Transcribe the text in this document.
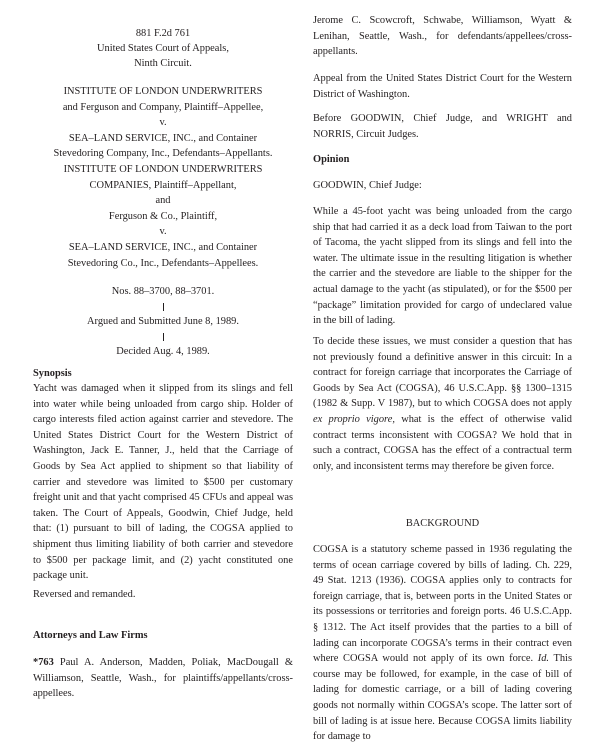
881 F.2d 761

United States Court of Appeals,

Ninth Circuit.

INSTITUTE OF LONDON UNDERWRITERS
and Ferguson and Company, Plaintiff–Appellee,
v.
SEA–LAND SERVICE, INC., and Container
Stevedoring Company, Inc., Defendants–Appellants.
INSTITUTE OF LONDON UNDERWRITERS
COMPANIES, Plaintiff–Appellant,
and
Ferguson & Co., Plaintiff,
v.
SEA–LAND SERVICE, INC., and Container
Stevedoring Co., Inc., Defendants–Appellees.

Nos. 88–3700, 88–3701.

Argued and Submitted June 8, 1989.

Decided Aug. 4, 1989.

Synopsis

Yacht was damaged when it slipped from its slings and fell into water while being unloaded from cargo ship. Holder of cargo interests filed action against carrier and stevedore. The United States District Court for the Western District of Washington, Jack E. Tanner, J., held that the Carriage of Goods by Sea Act applied to shipment so that liability of carrier and stevedore was limited to $500 per customary freight unit and that yacht comprised 45 CFUs and appeal was taken. The Court of Appeals, Goodwin, Chief Judge, held that: (1) pursuant to bill of lading, the COGSA applied to shipment thus limiting liability of both carrier and stevedore to $500 per package limit, and (2) yacht constituted one package unit.

Reversed and remanded.

Attorneys and Law Firms

*763 Paul A. Anderson, Madden, Poliak, MacDougall & Williamson, Seattle, Wash., for plaintiffs/appellants/cross-appellees.

Jerome C. Scowcroft, Schwabe, Williamson, Wyatt & Lenihan, Seattle, Wash., for defendants/appellees/cross-appellants.

Appeal from the United States District Court for the Western District of Washington.

Before GOODWIN, Chief Judge, and WRIGHT and NORRIS, Circuit Judges.

Opinion

GOODWIN, Chief Judge:

While a 45-foot yacht was being unloaded from the cargo ship that had carried it as a deck load from Taiwan to the port of Tacoma, the yacht slipped from its slings and fell into the water. The ultimate issue in the resulting litigation is whether the carrier and the stevedore are liable to the shipper for the actual damage to the yacht (as stipulated), or for the $500 per “package” limitation provided for cargo of undeclared value in the bill of lading.

To decide these issues, we must consider a question that has not previously found a definitive answer in this circuit: In a contract for foreign carriage that incorporates the Carriage of Goods by Sea Act (COGSA), 46 U.S.C.App. §§ 1300–1315 (1982 & Supp. V 1987), but to which COGSA does not apply ex proprio vigore, what is the effect of otherwise valid contract terms inconsistent with COGSA? We hold that in such a contract, COGSA has the effect of a contractual term only, and inconsistent terms may therefore be given force.

BACKGROUND

COGSA is a statutory scheme passed in 1936 regulating the terms of ocean carriage covered by bills of lading. Ch. 229, 49 Stat. 1213 (1936). COGSA applies only to contracts for foreign carriage, that is, between ports in the United States or its possessions or territories and foreign ports. 46 U.S.C.App. § 1312. The Act itself provides that the parties to a bill of lading can incorporate COGSA’s terms in their contract even where COGSA would not apply of its own force. Id. This course may be followed, for example, in the case of bill of lading for domestic carriage, or a bill of lading covering goods not normally within COGSA’s scope. The latter sort of bill of lading is at issue here. Because COGSA limits liability for damage to
